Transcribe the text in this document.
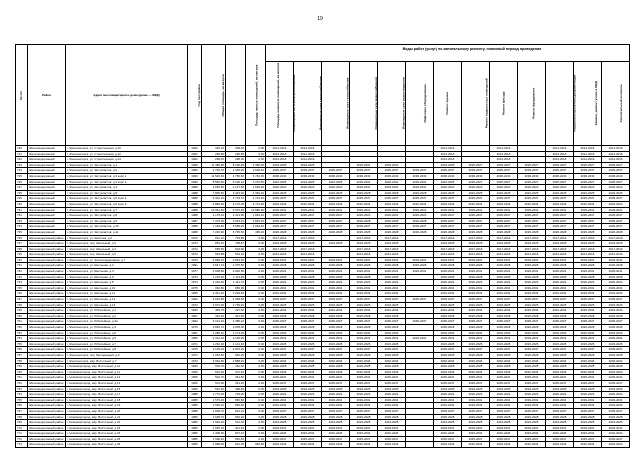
19
№ п/п	Район	Адрес многоквартирного дома (далее — МКД)	Год постройки	Общая площадь, кв.метров	Площадь жилых помещений, кв.метров	Площадь нежилых помещений, кв.метров													
							Инженерные сети электроснабжения	Инженерные сети теплоснабжения	Инженерные сети газоснабжения	Инженерные сети водоснабжения	Инженерные сети водоотведения	Лифтовое оборудование	Ремонт крыши	Ремонт подвальных помещений	Ремонт фасада	Ремонт фундамента	Разработка проектной документации	Замена, ремонт узлов в МКД	Строительный контроль
720	Железнодорожный	г. Железногорск, ул. Строительная, д.10	1962	325,10	308,10	0,00	2014-2016	2014-2016					2014-2016		2014-2016		2014-2016	2014-2016	2014-2016
721	Железнодорожный	г. Железногорск, ул. Строительная, д.12	1962	296,80	296,80	0,00	2014-2016	2014-2016					2014-2016		2014-2016		2014-2016	2014-2016	2014-2016
722	Железнодорожный	г. Железногорск, ул. Строительная, д.14	1962	298,30	298,30	0,00	2014-2016	2014-2016					2014-2016		2014-2016		2014-2016	2014-2016	2014-2016
723	Железнодорожный	г. Железногорск, ул. Энтузиастов, д.1	1990	11 486,90	8 106,90	2 380,00	2023-2025	2023-2025		2029-2031	2029-2031		2023-2025	2025-2027	2025-2027	2025-2027	2025-2027	2025-2027	2025-2027
724	Железнодорожный	г. Железногорск, ул. Энтузиастов, д.2	1990	4 793,70	2 165,30	2 628,40	2035-2037	2035-2037	2035-2037	2035-2037	2035-2037	2035-2037	2035-2037	2035-2037	2035-2037	2035-2037	2035-2037	2035-2037	2035-2037
725	Железнодорожный	г. Железногорск, ул. Энтузиастов, д.3 корп.1	1990	11 520,60	4 780,60	6 740,00	2038-2040	2038-2040	2038-2040	2038-2040	2038-2040	2038-2040	2038-2040	2038-2040	2038-2040	2038-2040	2038-2040	2038-2040	2038-2040
726	Железнодорожный	г. Железногорск, ул. Энтузиастов, д.3 корп.2	1990	8 566,60	6 196,10	2 370,50	2023-2025	2023-2025	2023-2025	2029-2031	2029-2031	2029-2031	2023-2025	2025-2027	2025-2027	2025-2027	2025-2027	2025-2027	2025-2027
727	Железнодорожный	г. Железногорск, ул. Энтузиастов, д.4	1989	3 656,50	2 127,50	1 529,00	2020-2022	2020-2022	2020-2022	2029-2031	2029-2031	2029-2031	2020-2022	2020-2022	2020-2022	2020-2022	2020-2022	2020-2022	2020-2022
728	Железнодорожный	г. Железногорск, ул. Энтузиастов, д.5	1988	7 806,50	3 443,30	4 363,20	2023-2025	2023-2025	2023-2025	2026-2028	2026-2028	2026-2028	2023-2025	2023-2025	2023-2025	2023-2025	2023-2025	2023-2025	2023-2025
729	Железнодорожный	г. Железногорск, ул. Энтузиастов, д.6 корп.1	1988	9 442,10	4 719,70	4 722,40	2035-2037	2035-2037	2035-2037	2035-2037	2035-2037	2035-2037	2035-2037	2035-2037	2035-2037	2035-2037	2035-2037	2035-2037	2035-2037
730	Железнодорожный	г. Железногорск, ул. Энтузиастов, д.6 корп.2	1988	6 889,60	2 176,00	4 713,60	2032-2034	2032-2034	2032-2034	2032-2034	2032-2034	2032-2034	2032-2034	2032-2034	2032-2034	2032-2034	2032-2034	2032-2034	2032-2034
731	Железнодорожный	г. Железногорск, ул. Энтузиастов, д.7	1988	19 351,50	5 370,60	13 980,90	2029-2031	2029-2031	2029-2031	2029-2031	2029-2031	2029-2031	2029-2031	2029-2031	2029-2031	2029-2031	2029-2031	2029-2031	2029-2031
732	Железнодорожный	г. Железногорск, ул. Энтузиастов, д.8	1988	4 178,10	2 313,90	1 864,20	2035-2037	2035-2037	2035-2037	2020-2022	2020-2022	2020-2022	2035-2037	2035-2037	2035-2037	2035-2037	2035-2037	2035-2037	2035-2037
733	Железнодорожный	г. Железногорск, ул. Энтузиастов, д.9	1987	7 379,30	3 534,10	3 845,20	2035-2037	2035-2037	2035-2037	2026-2028	2026-2028	2026-2028	2035-2037	2035-2037	2035-2037	2035-2037	2035-2037	2035-2037	2035-2037
734	Железнодорожный	г. Железногорск, ул. Энтузиастов, д.10	1988	7 183,60	5 089,20	2 094,40	2035-2037	2035-2037	2035-2037	2035-2037	2035-2037	2035-2037	2035-2037	2035-2037	2035-2037	2035-2037	2035-2037	2035-2037	2035-2037
735	Железнодорожный	г. Железногорск, ул. Энтузиастов, д.11	1988	7 230,90	6 735,50	495,40	2026-2028	2026-2028	2026-2028	2026-2028	2026-2028	2026-2028	2026-2028	2026-2028	2026-2028	2026-2028	2026-2028	2026-2028	2026-2028
736	Железнодорожный район	г. Железногорск, ул. Шахтная, д.2	1970	812,10	763,80	0,00	2017-2019	2017-2019		2017-2019	2017-2019		2017-2019	2017-2019	2017-2019	2017-2019	2017-2019	2017-2019	2017-2019
737	Железнодорожный район	г. Железногорск, пер. Школьный, д.3	1973	851,46	768,87	0,00	2023-2025	2023-2025	2023-2025	2023-2025	2023-2025		2023-2025	2023-2025	2023-2025	2023-2025	2023-2025	2023-2025	2023-2025
738	Железнодорожный район	г. Железногорск, пер. Школьный, д.4	1972	665,50	604,80	0,00	2017-2019	2017-2019		2017-2019	2017-2019		2017-2019	2017-2019	2017-2019	2017-2019	2017-2019	2017-2019	2017-2019
739	Железнодорожный район	г. Железногорск, пер. Школьный, д.5	1972	649,88	604,32	0,00	2014-2016	2014-2016		2014-2016	2014-2016		2014-2016	2014-2016	2014-2016	2014-2016	2014-2016	2014-2016	2014-2016
740	Железнодорожный район	г. Железногорск, ул. Железнодорожная, д.7	1970	4 589,20	2 954,50	0,00	2029-2031	2029-2031	2029-2031	2029-2031	2029-2031	2029-2031	2029-2031	2029-2031	2029-2031	2029-2031	2029-2031	2029-2031	2029-2031
741	Железнодорожный район	г. Железногорск, ул. Школьная, д.2	1991	3 547,10	2 475,50	0,00	2026-2028	2026-2028	2026-2028	2026-2028	2026-2028	2026-2028	2026-2028	2026-2028	2026-2028	2026-2028	2026-2028	2026-2028	2026-2028
742	Железнодорожный район	г. Железногорск, ул. Школьная, д.4	1977	4 608,80	2 920,50	0,00	2029-2031	2029-2031	2029-2031	2029-2031	2029-2031	2029-2031	2029-2031	2029-2031	2029-2031	2029-2031	2029-2031	2029-2031	2029-2031
743	Железнодорожный район	г. Железногорск, ул. Школьная, д.6	1973	1 219,00	1 113,90	0,00	2026-2028	2026-2028	2026-2028	2026-2028	2026-2028		2026-2028	2026-2028	2026-2028	2026-2028	2026-2028	2026-2028	2026-2028
744	Железнодорожный район	г. Железногорск, ул. Школьная, д.8	1974	1 220,60	1 112,70	0,00	2020-2022	2020-2022	2020-2022	2020-2022	2020-2022		2020-2022	2020-2022	2020-2022	2020-2022	2020-2022	2020-2022	2020-2022
745	Железнодорожный район	г. Железногорск, ул. Школьная, д.10	1975	962,80	865,90	0,00	2029-2031	2029-2031	2029-2031	2029-2031	2029-2031		2029-2031	2029-2031	2029-2031	2029-2031	2029-2031	2029-2031	2029-2031
746	Железнодорожный район	г. Железногорск, ул. Школьная, д.11	1965	2 441,30	2 239,40	0,00	2032-2034	2032-2034	2032-2034	2032-2034	2032-2034		2032-2034	2032-2034	2032-2034	2032-2034	2032-2034	2032-2034	2032-2034
747	Железнодорожный район	г. Железногорск, ул. Школьная, д.12	1992	6 910,58	4 368,60	0,00	2035-2037	2035-2037	2035-2037	2035-2037	2035-2037	2035-2037	2035-2037	2035-2037	2035-2037	2035-2037	2035-2037	2035-2037	2035-2037
748	Железнодорожный район	г. Железногорск, ул. Школьная, д.13	1972	2 972,30	2 739,40	0,00	2023-2025	2023-2025	2023-2025	2023-2025	2023-2025		2023-2025	2023-2025	2023-2025	2023-2025	2023-2025	2023-2025	2023-2025
749	Железнодорожный район	г. Железногорск, ул. Юбилейная, д.1	1966	484,75	437,50	0,00	2032-2034	2032-2034	2032-2034	2032-2034	2032-2034		2032-2034	2032-2034	2032-2034	2032-2034	2032-2034	2032-2034	2032-2034
750	Железнодорожный район	г. Железногорск, ул. Юбилейная, д.2	1967	491,40	441,60	0,00	2026-2028	2026-2028	2026-2028	2026-2028	2026-2028		2026-2028	2026-2028	2026-2028	2026-2028	2026-2028	2026-2028	2026-2028
751	Железнодорожный район	г. Железногорск, ул. Юбилейная, д.3а	1994	6 144,30	4 385,10	0,00	2035-2037	2035-2037	2035-2037	2035-2037	2035-2037	2035-2037	2035-2037	2035-2037	2035-2037	2035-2037	2035-2037	2035-2037	2035-2037
752	Железнодорожный район	г. Железногорск, ул. Юбилейная, д.4	1979	2 846,70	2 605,00	0,00	2026-2028	2026-2028	2026-2028	2026-2028	2026-2028		2026-2028	2026-2028	2026-2028	2026-2028	2026-2028	2026-2028	2026-2028
753	Железнодорожный район	г. Железногорск, ул. Юбилейная, д.5	1981	1 280,40	1 174,00	0,00	2032-2034	2032-2034	2032-2034	2032-2034	2032-2034		2032-2034	2032-2034	2032-2034	2032-2034	2032-2034	2032-2034	2032-2034
754	Железнодорожный район	г. Железногорск, ул. Юбилейная, д.6	1985	4 314,30	3 130,90	0,00	2029-2031	2029-2031	2029-2031	2029-2031	2029-2031	2029-2031	2029-2031	2029-2031	2029-2031	2029-2031	2029-2031	2029-2031	2029-2031
755	Железнодорожный район	г. Железногорск, ул. Юбилейная, д.7	1971	1 262,90	1 141,40	0,00	2023-2025	2023-2025	2023-2025	2023-2025	2023-2025		2023-2025	2023-2025	2023-2025	2023-2025	2023-2025	2023-2025	2023-2025
756	Железнодорожный район	г. Железногорск, ул. Юбилейная, д.8	1975	3 125,30	2 870,20	0,00	2035-2037	2035-2037	2035-2037	2035-2037	2035-2037		2035-2037	2035-2037	2035-2037	2035-2037	2035-2037	2035-2037	2035-2037
757	Железнодорожный район	г. Железногорск, пер. Молодежный, д.2	1971	1 052,50	962,20	0,00	2026-2028	2026-2028	2026-2028	2026-2028	2026-2028		2026-2028	2026-2028	2026-2028	2026-2028	2026-2028	2026-2028	2026-2028
758	Железнодорожный район	г. Железногорск, мкр. Восточный, д.7	1972	3 062,60	2 888,40	0,00	2032-2034	2032-2034	2032-2034	2032-2034	2032-2034		2032-2034	2032-2034	2032-2034	2032-2034	2032-2034	2032-2034	2032-2034
759	Железнодорожный район	г. Новомирсгород, мкр. Восточный, д.10	1966	503,70	462,50	0,00	2026-2028	2026-2028	2026-2028	2026-2028	2026-2028		2026-2028	2026-2028	2026-2028	2026-2028	2026-2028	2026-2028	2026-2028
760	Железнодорожный район	г. Новомирсгород, мкр. Восточный, д.11	1966	516,00	472,40	0,00	2032-2034	2032-2034	2032-2034	2032-2034	2032-2034		2032-2034	2032-2034	2032-2034	2032-2034	2032-2034	2032-2034	2032-2034
761	Железнодорожный район	г. Новомирсгород, мкр. Восточный, д.12	1966	502,70	461,60	0,00	2029-2031	2029-2031	2029-2031	2029-2031	2029-2031		2029-2031	2029-2031	2029-2031	2029-2031	2029-2031	2029-2031	2029-2031
762	Железнодорожный район	г. Новомирсгород, мкр. Восточный, д.14	1966	501,90	461,20	0,00	2035-2037	2035-2037	2035-2037	2035-2037	2035-2037		2035-2037	2035-2037	2035-2037	2035-2037	2035-2037	2035-2037	2035-2037
763	Железнодорожный район	г. Новомирсгород, мкр. Восточный, д.15	1966	510,30	468,50	0,00	2023-2025	2023-2025	2023-2025	2023-2025	2023-2025		2023-2025	2023-2025	2023-2025	2023-2025	2023-2025	2023-2025	2023-2025
764	Железнодорожный район	г. Новомирсгород, мкр. Восточный, д.17	1988	1 770,00	729,00	0,00	2020-2022	2020-2022	2020-2022	2020-2022	2020-2022		2020-2022	2020-2022	2020-2022	2020-2022	2020-2022	2020-2022	2020-2022
765	Железнодорожный район	г. Новомирсгород, мкр. Восточный, д.18	1985	1 579,30	866,80	0,00	2029-2031	2029-2031	2029-2031	2029-2031	2029-2031		2029-2031	2029-2031	2029-2031	2029-2031	2029-2031	2029-2031	2029-2031
766	Железнодорожный район	г. Новомирсгород, мкр. Восточный, д.19	1985	1 566,10	890,30	0,00	2032-2034	2032-2034	2032-2034	2032-2034	2032-2034		2032-2034	2032-2034	2032-2034	2032-2034	2032-2034	2032-2034	2032-2034
767	Железнодорожный район	г. Новомирсгород, мкр. Восточный, д.20	1985	1 608,70	931,10	0,00	2035-2037	2035-2037	2035-2037	2035-2037	2035-2037		2035-2037	2035-2037	2035-2037	2035-2037	2035-2037	2035-2037	2035-2037
768	Железнодорожный район	г. Новомирсгород, мкр. Восточный, д.21	1986	1 628,70	949,20	0,00	2026-2028	2026-2028	2026-2028	2026-2028	2026-2028		2026-2028	2026-2028	2026-2028	2026-2028	2026-2028	2026-2028	2026-2028
769	Железнодорожный район	г. Новомирсгород, мкр. Восточный, д.22	1986	1 594,20	912,00	0,00	2023-2025	2023-2025	2023-2025	2023-2025	2023-2025		2023-2025	2023-2025	2023-2025	2023-2025	2023-2025	2023-2025	2023-2025
770	Железнодорожный район	г. Новомирсгород, мкр. Восточный, д.23	1986	1 565,20	911,40	0,00	2029-2031	2029-2031	2029-2031	2029-2031	2029-2031		2029-2031	2029-2031	2029-2031	2029-2031	2029-2031	2029-2031	2029-2031
771	Железнодорожный район	г. Новомирсгород, мкр. Восточный, д.24	1986	1 408,30	837,10	0,00	2032-2034	2032-2034	2032-2034	2032-2034	2032-2034		2032-2034	2032-2034	2032-2034	2032-2034	2032-2034	2032-2034	2032-2034
772	Железнодорожный район	г. Новомирсгород, мкр. Восточный, д.25	1986	1 598,40	952,40	0,00	2035-2037	2035-2037	2035-2037	2035-2037	2035-2037		2035-2037	2035-2037	2035-2037	2035-2037	2035-2037	2035-2037	2035-2037
773	Железнодорожный район	г. Новомирсгород, мкр. Восточный, д.26	1986	1 588,00	912,30	982,80	2032-2034	2032-2034	2032-2034	2032-2034	2032-2034		2032-2034	2032-2034	2032-2034	2032-2034	2032-2034	2032-2034	2032-2034
Виды работ (услуг) по капитальному ремонту, плановый период проведения
